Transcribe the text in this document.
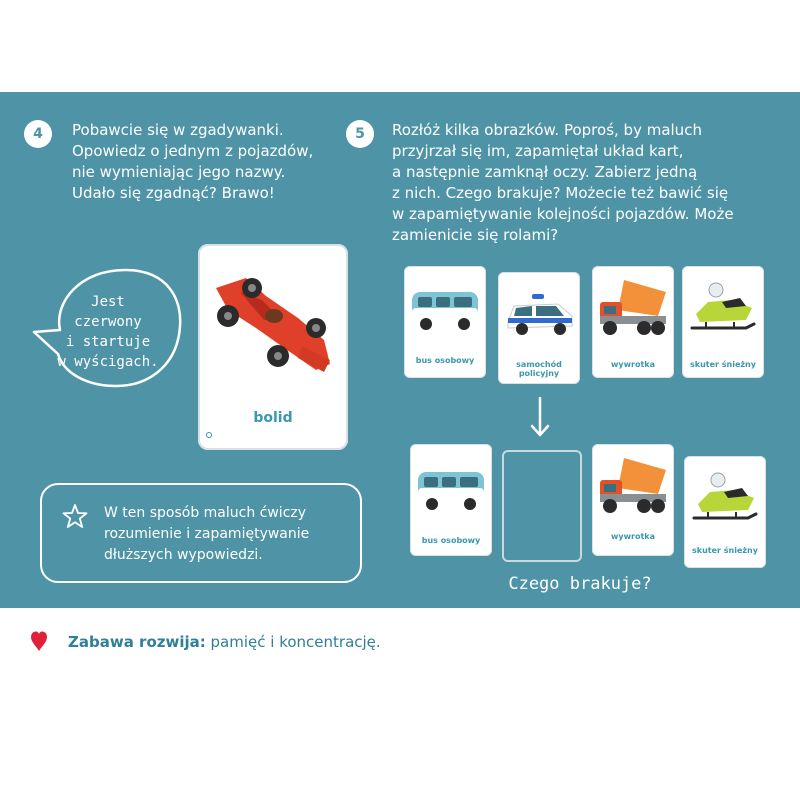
4	Pobawcie się w zgadywanki.
Opowiedz o jednym z pojazdów,
nie wymieniając jego nazwy.
Udało się zgadnąć? Brawo!
5	Rozłóż kilka obrazków. Poproś, by maluch
przyjrzał się im, zapamiętał układ kart,
a następnie zamknął oczy. Zabierz jedną
z nich. Czego brakuje? Możecie też bawić się
w zapamiętywanie kolejności pojazdów. Może
zamienicie się rolami?
Jest
czerwony
i startuje
w wyścigach.
bolid
bus osobowy	samochód
policyjny
wywrotka	skuter śnieżny
bus osobowy	wywrotka
skuter śnieżny
Czego brakuje?
W ten sposób maluch ćwiczy
rozumienie i zapamiętywanie
dłuższych wypowiedzi.
Zabawa rozwija: pamięć i koncentrację.
